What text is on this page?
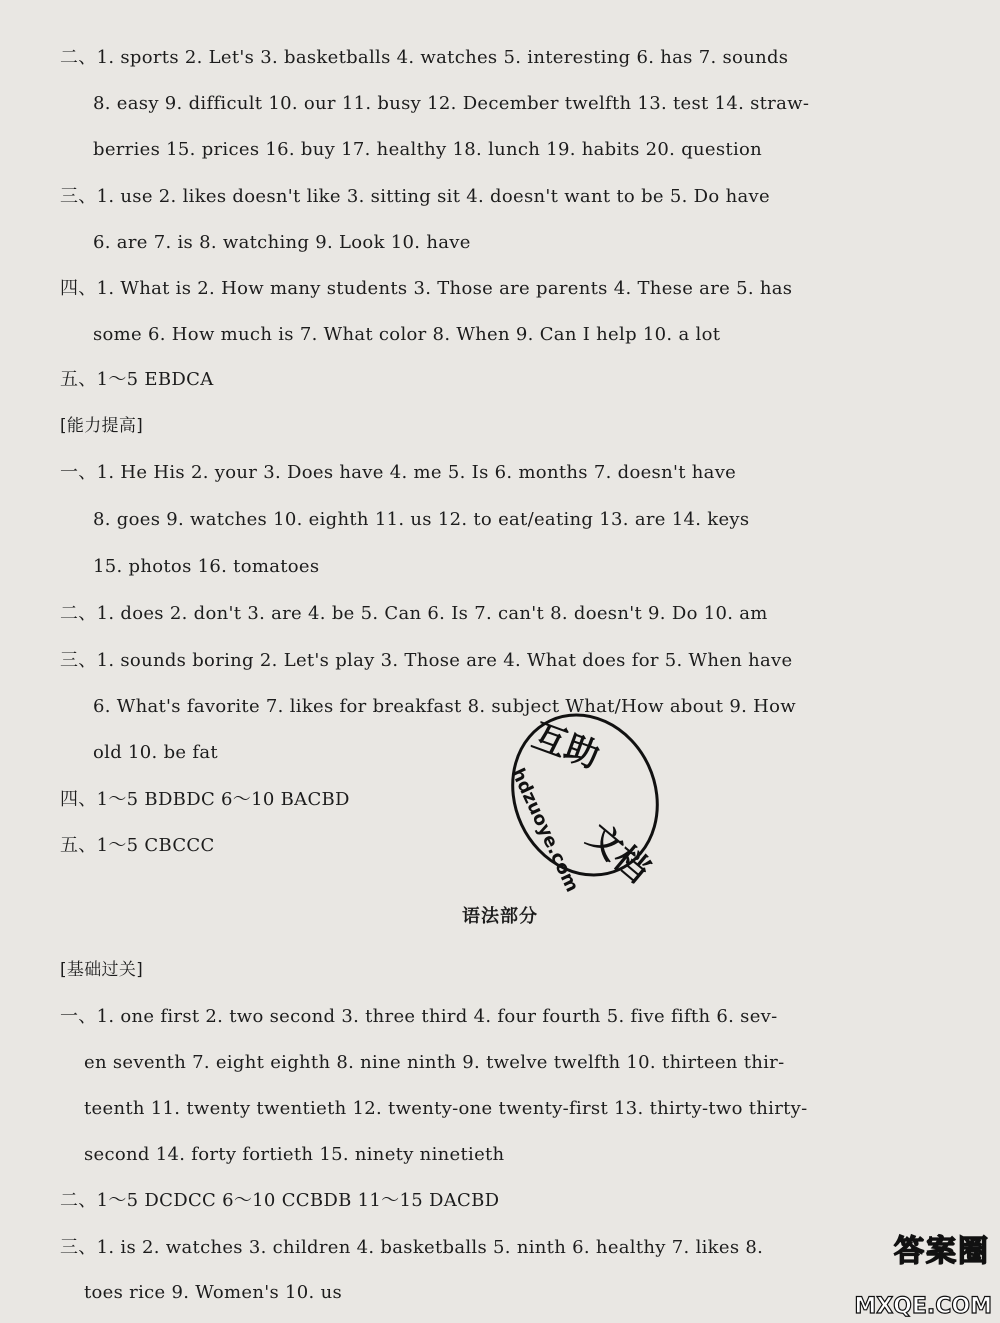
二、1. sports 2. Let's 3. basketballs 4. watches 5. interesting 6. has 7. sounds
8. easy 9. difficult 10. our 11. busy 12. December twelfth 13. test 14. straw-
berries 15. prices 16. buy 17. healthy 18. lunch 19. habits 20. question
三、1. use 2. likes doesn't like 3. sitting sit 4. doesn't want to be 5. Do have
6. are 7. is 8. watching 9. Look 10. have
四、1. What is 2. How many students 3. Those are parents 4. These are 5. has
some 6. How much is 7. What color 8. When 9. Can I help 10. a lot
五、1～5 EBDCA
[能力提高]
一、1. He His 2. your 3. Does have 4. me 5. Is 6. months 7. doesn't have
8. goes 9. watches 10. eighth 11. us 12. to eat/eating 13. are 14. keys
15. photos 16. tomatoes
二、1. does 2. don't 3. are 4. be 5. Can 6. Is 7. can't 8. doesn't 9. Do 10. am
三、1. sounds boring 2. Let's play 3. Those are 4. What does for 5. When have
6. What's favorite 7. likes for breakfast 8. subject What/How about 9. How
old 10. be fat
四、1～5 BDBDC 6～10 BACBD
五、1～5 CBCCC
语法部分
[基础过关]
一、1. one first 2. two second 3. three third 4. four fourth 5. five fifth 6. sev-
en seventh 7. eight eighth 8. nine ninth 9. twelve twelfth 10. thirteen thir-
teenth 11. twenty twentieth 12. twenty-one twenty-first 13. thirty-two thirty-
second 14. forty fortieth 15. ninety ninetieth
二、1～5 DCDCC 6～10 CCBDB 11～15 DACBD
三、1. is 2. watches 3. children 4. basketballs 5. ninth 6. healthy 7. likes 8.
toes rice 9. Women's 10. us
互助
文档
hdzuoye.com
答案圈
MXQE.COM
